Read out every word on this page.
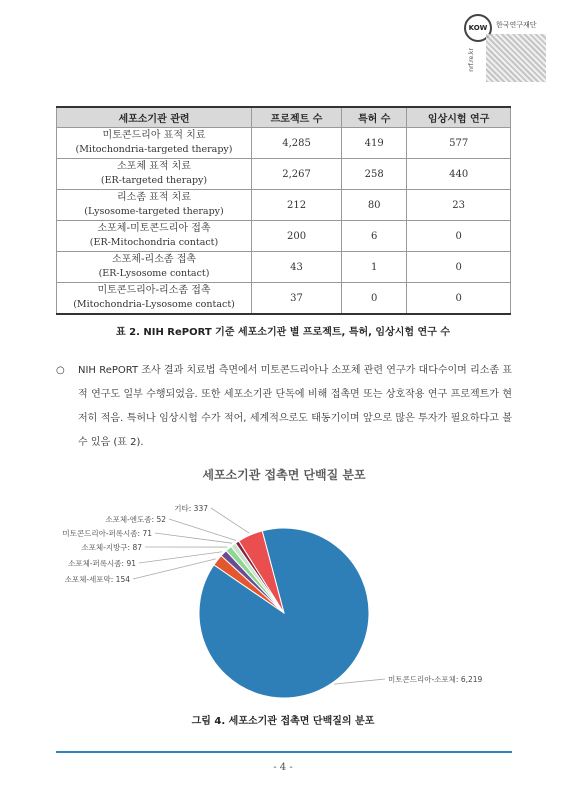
KOW 한국연구재단
nrf.re.kr
세포소기관 관련	프로젝트 수	특허 수	임상시험 연구
미토콘드리아 표적 치료
(Mitochondria-targeted therapy)	4,285	419	577
소포체 표적 치료
(ER-targeted therapy)	2,267	258	440
리소좀 표적 치료
(Lysosome-targeted therapy)	212	80	23
소포체-미토콘드리아 접촉
(ER-Mitochondria contact)	200	6	0
소포체-리소좀 접촉
(ER-Lysosome contact)	43	1	0
미토콘드리아-리소좀 접촉
(Mitochondria-Lysosome contact)	37	0	0
표 2. NIH RePORT 기준 세포소기관 별 프로젝트, 특허, 임상시험 연구 수
○ NIH RePORT 조사 결과 치료법 측면에서 미토콘드리아나 소포체 관련 연구가 대다수이며 리소좀 표적 연구도 일부 수행되었음. 또한 세포소기관 단독에 비해 접촉면 또는 상호작용 연구 프로젝트가 현저히 적음. 특허나 임상시험 수가 적어, 세계적으로도 태동기이며 앞으로 많은 투자가 필요하다고 볼 수 있음 (표 2).
세포소기관 접촉면 단백질 분포
미토콘드리아-소포체: 6,219
소포체-세포막: 154
소포체-퍼록시좀: 91
소포체-지방구: 87
미토콘드리아-퍼록시좀: 71
소포체-엔도좀: 52
기타: 337
그림 4. 세포소기관 접촉면 단백질의 분포
- 4 -
